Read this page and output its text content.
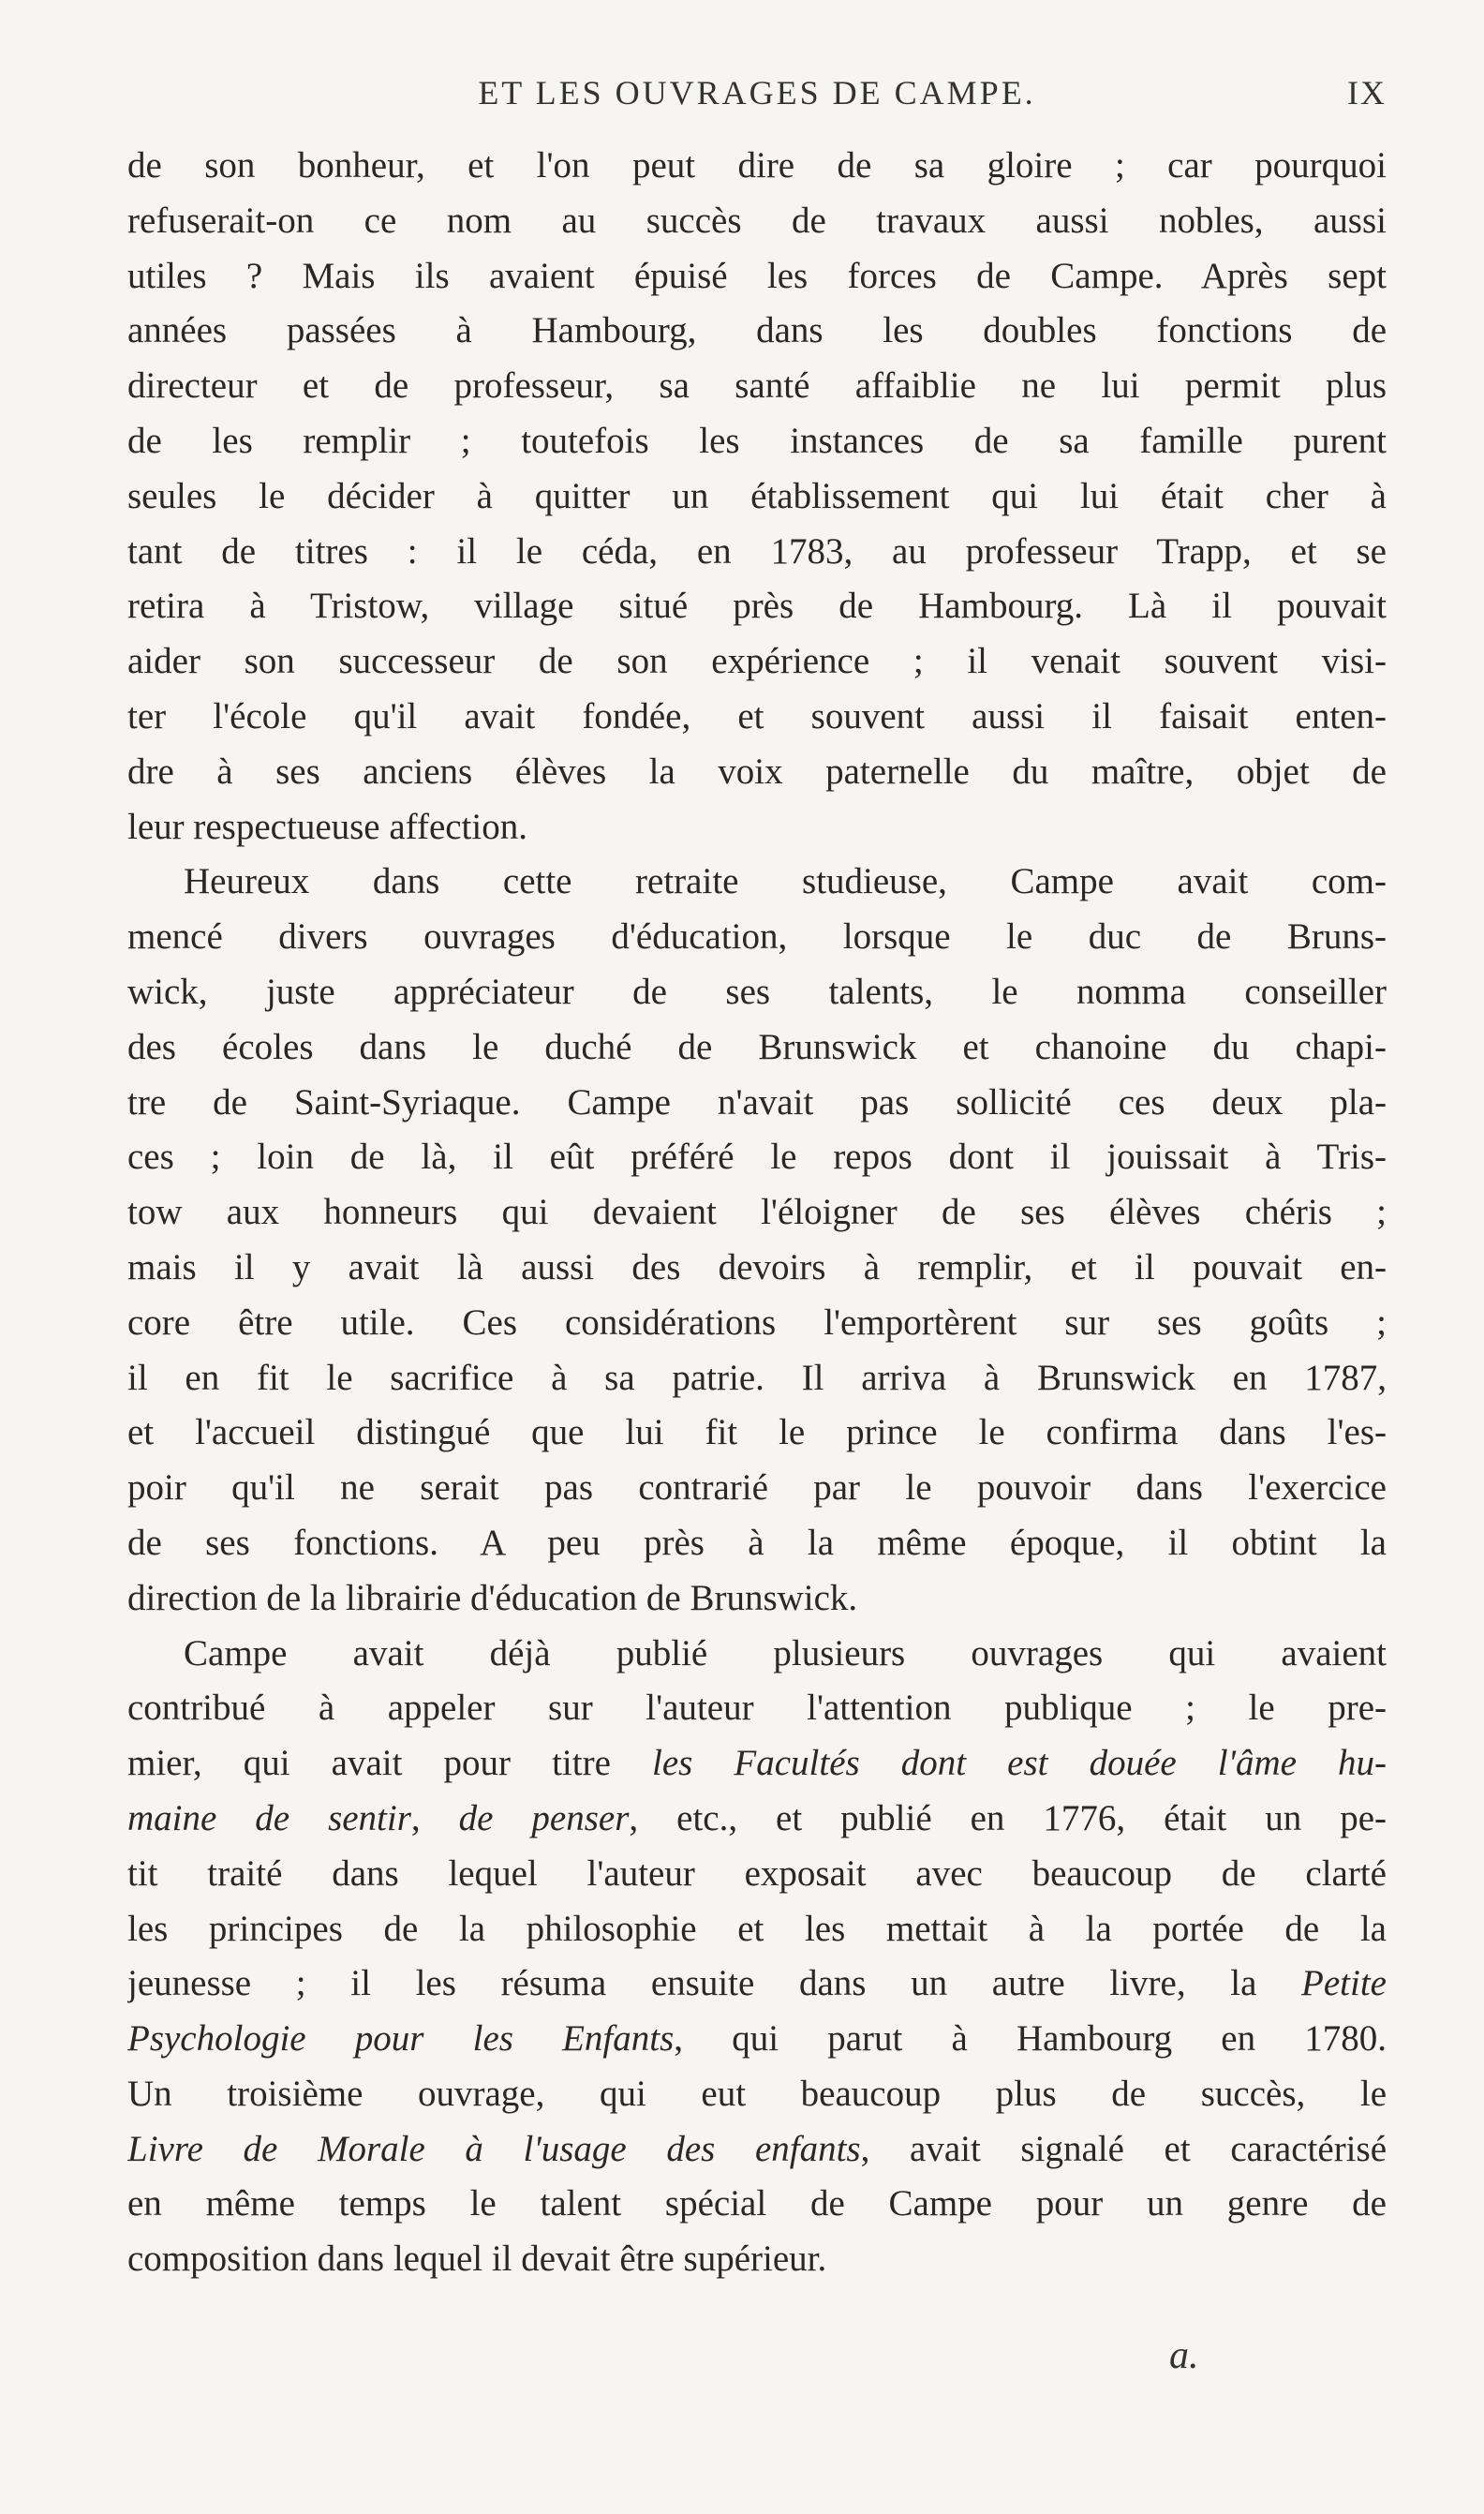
ET LES OUVRAGES DE CAMPE.	IX
de son bonheur, et l'on peut dire de sa gloire ; car pourquoi
refuserait-on ce nom au succès de travaux aussi nobles, aussi
utiles ? Mais ils avaient épuisé les forces de Campe. Après sept
années passées à Hambourg, dans les doubles fonctions de
directeur et de professeur, sa santé affaiblie ne lui permit plus
de les remplir ; toutefois les instances de sa famille purent
seules le décider à quitter un établissement qui lui était cher à
tant de titres : il le céda, en 1783, au professeur Trapp, et se
retira à Tristow, village situé près de Hambourg. Là il pouvait
aider son successeur de son expérience ; il venait souvent visi-
ter l'école qu'il avait fondée, et souvent aussi il faisait enten-
dre à ses anciens élèves la voix paternelle du maître, objet de
leur respectueuse affection.
Heureux dans cette retraite studieuse, Campe avait com-
mencé divers ouvrages d'éducation, lorsque le duc de Bruns-
wick, juste appréciateur de ses talents, le nomma conseiller
des écoles dans le duché de Brunswick et chanoine du chapi-
tre de Saint-Syriaque. Campe n'avait pas sollicité ces deux pla-
ces ; loin de là, il eût préféré le repos dont il jouissait à Tris-
tow aux honneurs qui devaient l'éloigner de ses élèves chéris ;
mais il y avait là aussi des devoirs à remplir, et il pouvait en-
core être utile. Ces considérations l'emportèrent sur ses goûts ;
il en fit le sacrifice à sa patrie. Il arriva à Brunswick en 1787,
et l'accueil distingué que lui fit le prince le confirma dans l'es-
poir qu'il ne serait pas contrarié par le pouvoir dans l'exercice
de ses fonctions. A peu près à la même époque, il obtint la
direction de la librairie d'éducation de Brunswick.
Campe avait déjà publié plusieurs ouvrages qui avaient
contribué à appeler sur l'auteur l'attention publique ; le pre-
mier, qui avait pour titre les Facultés dont est douée l'âme hu-
maine de sentir, de penser, etc., et publié en 1776, était un pe-
tit traité dans lequel l'auteur exposait avec beaucoup de clarté
les principes de la philosophie et les mettait à la portée de la
jeunesse ; il les résuma ensuite dans un autre livre, la Petite
Psychologie pour les Enfants, qui parut à Hambourg en 1780.
Un troisième ouvrage, qui eut beaucoup plus de succès, le
Livre de Morale à l'usage des enfants, avait signalé et caractérisé
en même temps le talent spécial de Campe pour un genre de
composition dans lequel il devait être supérieur.
a.
